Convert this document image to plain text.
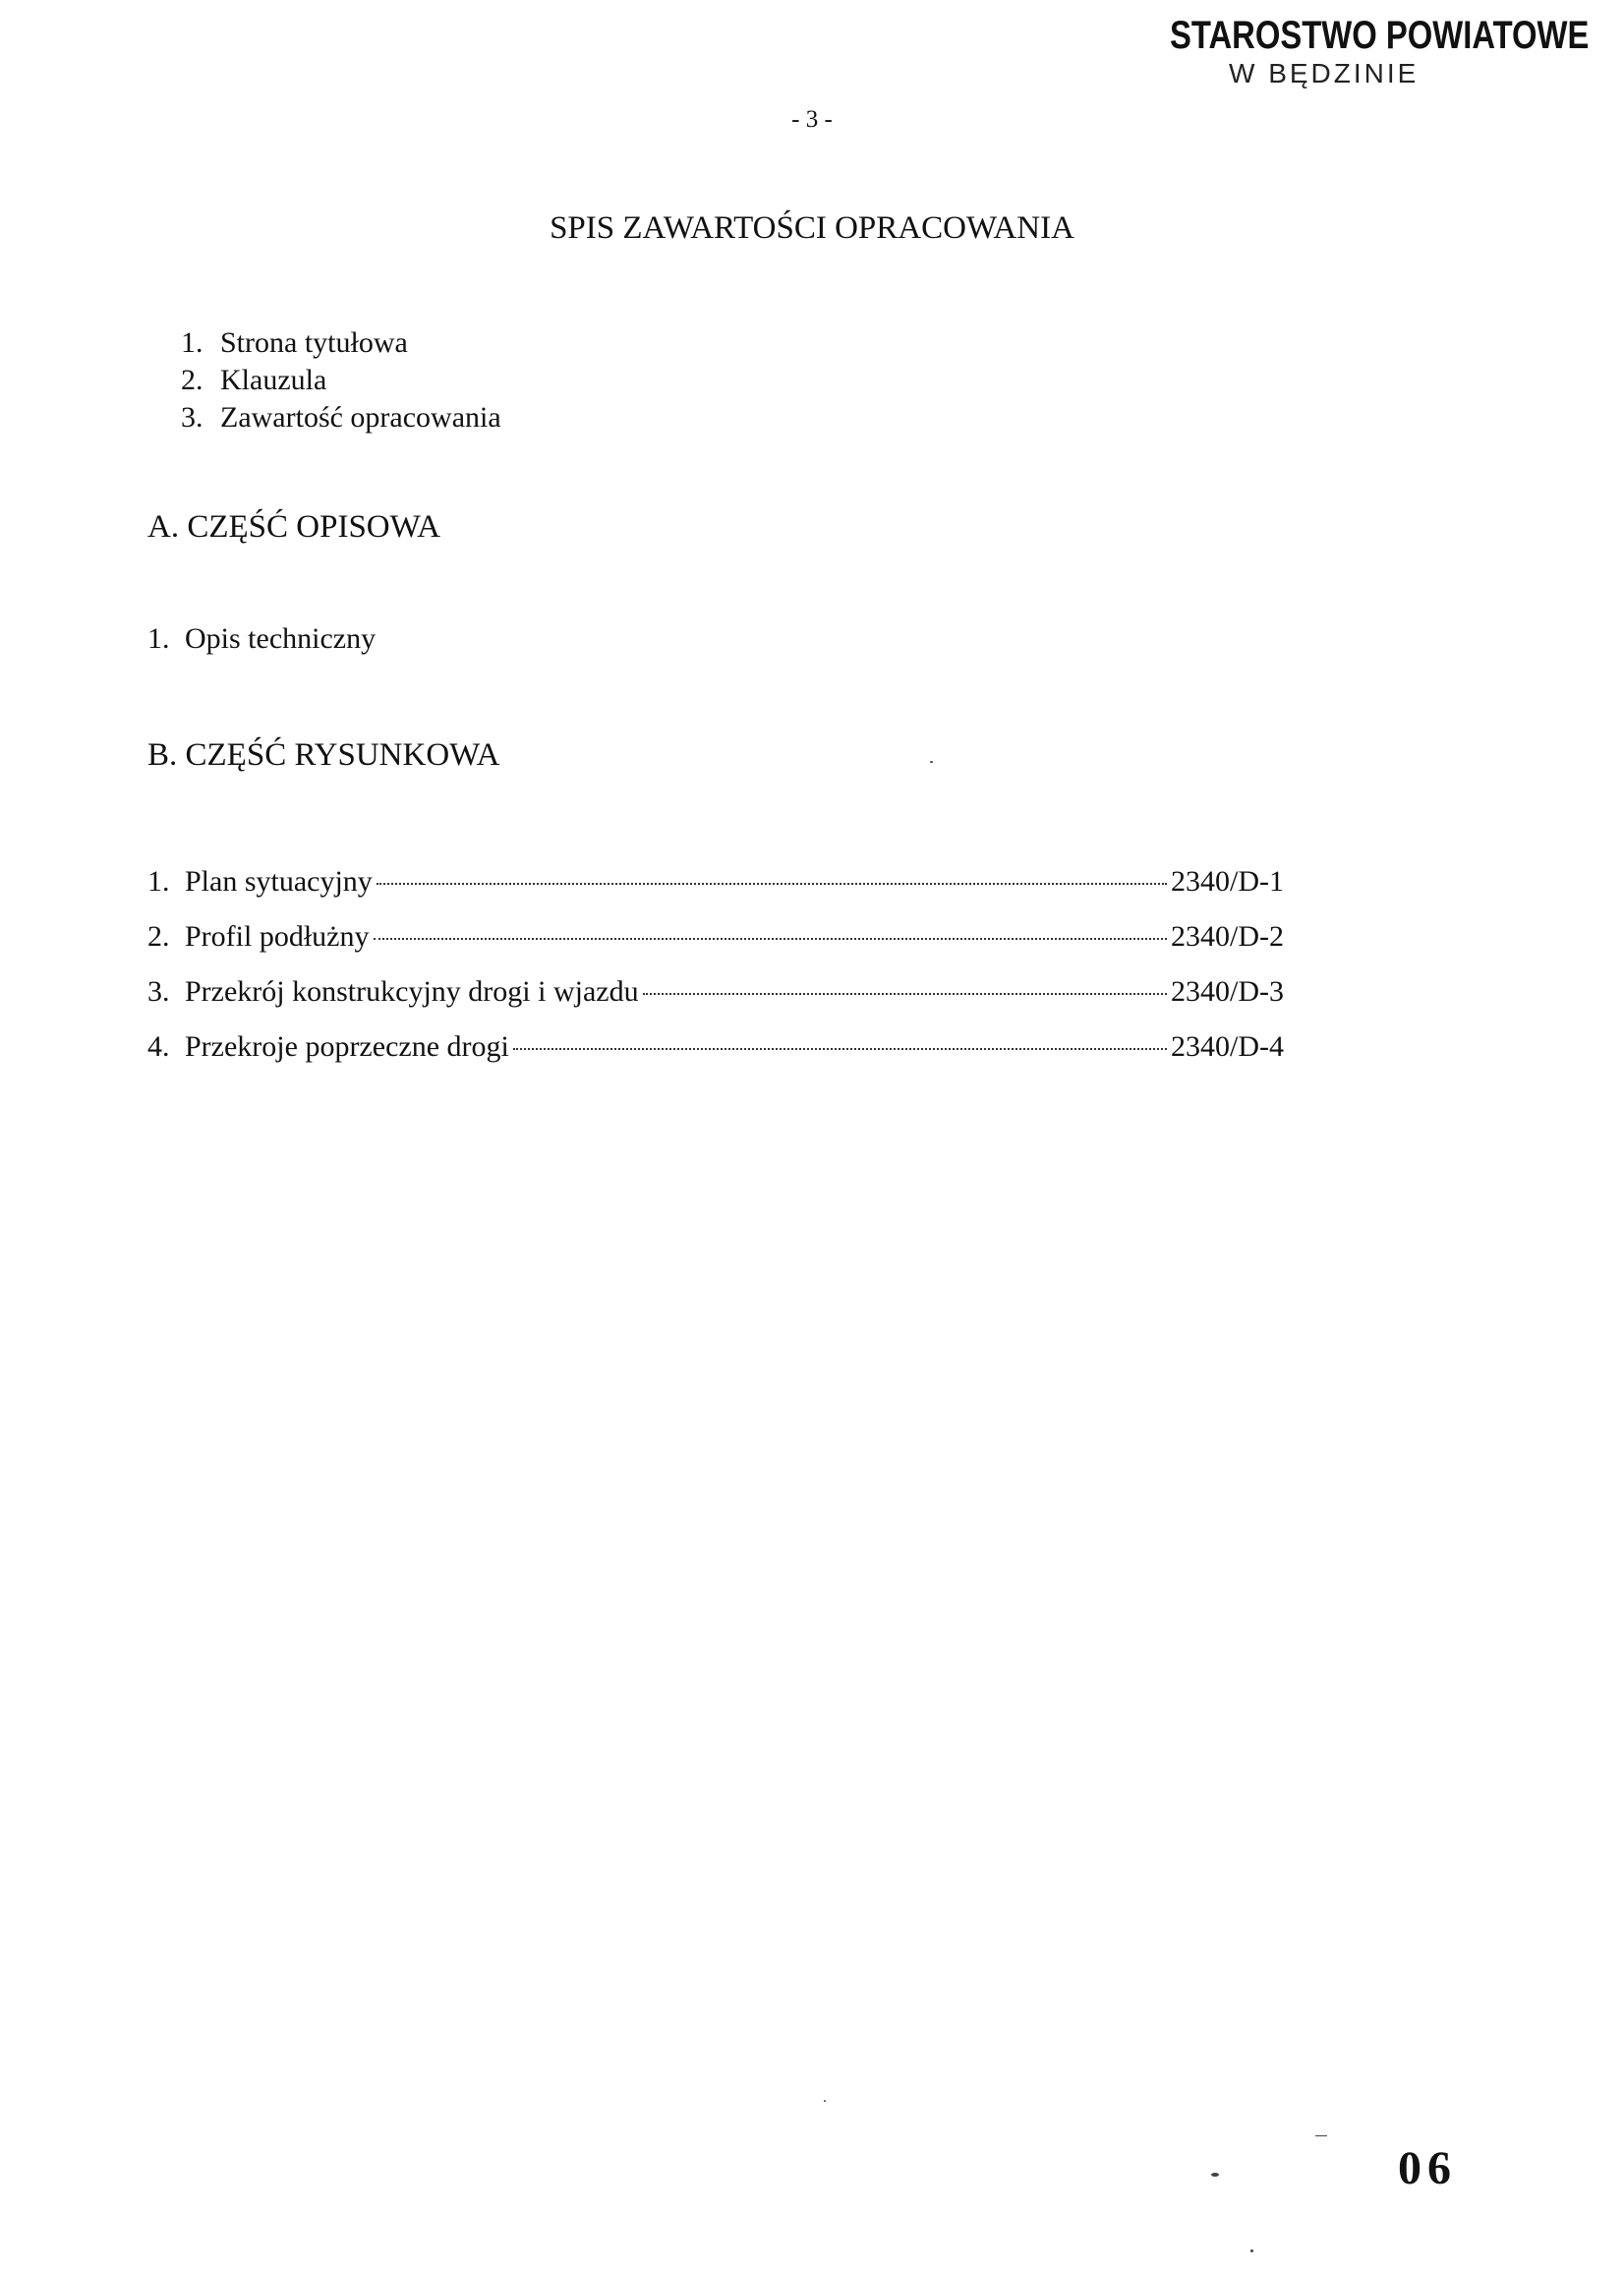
STAROSTWO POWIATOWE
W BĘDZINIE
- 3 -
SPIS ZAWARTOŚCI OPRACOWANIA
1. Strona tytułowa
2. Klauzula
3. Zawartość opracowania
A. CZĘŚĆ OPISOWA
1. Opis techniczny
B. CZĘŚĆ RYSUNKOWA
1. Plan sytuacyjny	2340/D-1
2. Profil podłużny	2340/D-2
3. Przekrój konstrukcyjny drogi i wjazdu	2340/D-3
4. Przekroje poprzeczne drogi	2340/D-4
06
